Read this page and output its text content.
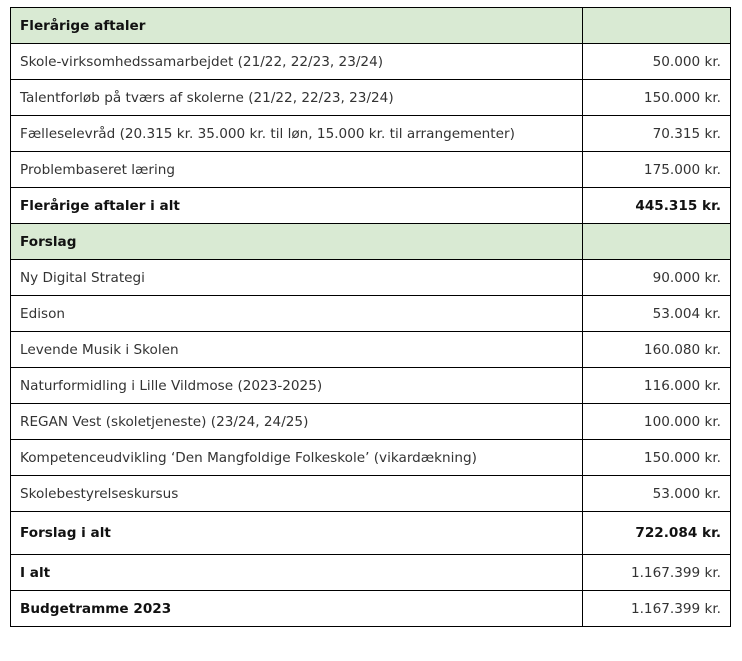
Flerårige aftaler	
Skole-virksomhedssamarbejdet (21/22, 22/23, 23/24)	50.000 kr.
Talentforløb på tværs af skolerne (21/22, 22/23, 23/24)	150.000 kr.
Fælleselevråd (20.315 kr. 35.000 kr. til løn, 15.000 kr. til arrangementer)	70.315 kr.
Problembaseret læring	175.000 kr.
Flerårige aftaler i alt	445.315 kr.
Forslag	
Ny Digital Strategi	90.000 kr.
Edison	53.004 kr.
Levende Musik i Skolen	160.080 kr.
Naturformidling i Lille Vildmose (2023-2025)	116.000 kr.
REGAN Vest (skoletjeneste) (23/24, 24/25)	100.000 kr.
Kompetenceudvikling ‘Den Mangfoldige Folkeskole’ (vikardækning)	150.000 kr.
Skolebestyrelseskursus	53.000 kr.
Forslag i alt	722.084 kr.
I alt	1.167.399 kr.
Budgetramme 2023	1.167.399 kr.
